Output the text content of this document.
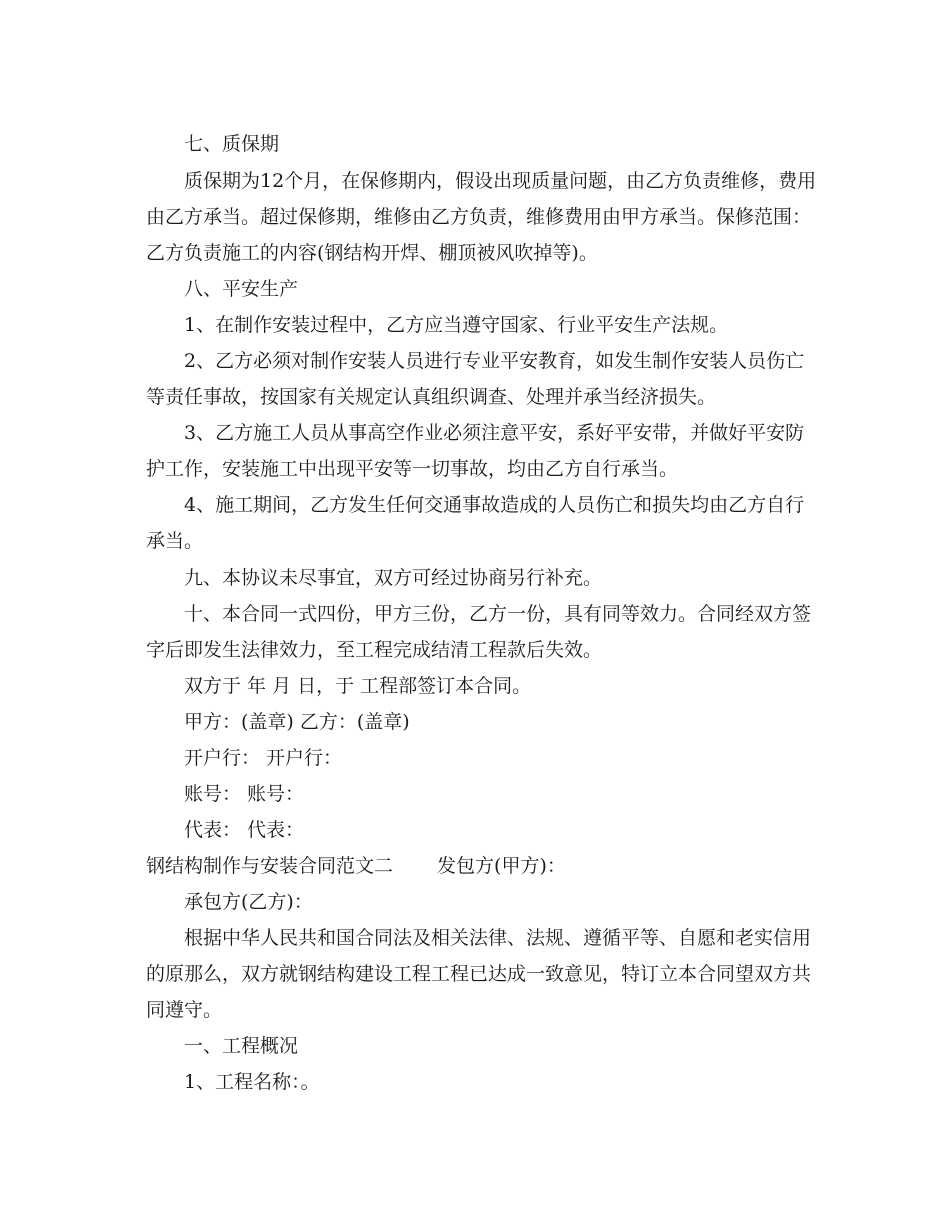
七、质保期
质保期为12个月，在保修期内，假设出现质量问题，由乙方负责维修，费用
由乙方承当。超过保修期，维修由乙方负责，维修费用由甲方承当。保修范围：
乙方负责施工的内容(钢结构开焊、棚顶被风吹掉等)。
八、平安生产
1、在制作安装过程中，乙方应当遵守国家、行业平安生产法规。
2、乙方必须对制作安装人员进行专业平安教育，如发生制作安装人员伤亡
等责任事故，按国家有关规定认真组织调查、处理并承当经济损失。
3、乙方施工人员从事高空作业必须注意平安，系好平安带，并做好平安防
护工作，安装施工中出现平安等一切事故，均由乙方自行承当。
4、施工期间，乙方发生任何交通事故造成的人员伤亡和损失均由乙方自行
承当。
九、本协议未尽事宜，双方可经过协商另行补充。
十、本合同一式四份，甲方三份，乙方一份，具有同等效力。合同经双方签
字后即发生法律效力，至工程完成结清工程款后失效。
双方于 年 月 日，于 工程部签订本合同。
甲方：(盖章) 乙方：(盖章)
开户行： 开户行：
账号： 账号：
代表： 代表：
钢结构制作与安装合同范文二　　 发包方(甲方)：
承包方(乙方)：
根据中华人民共和国合同法及相关法律、法规、遵循平等、自愿和老实信用
的原那么，双方就钢结构建设工程工程已达成一致意见，特订立本合同望双方共
同遵守。
一、工程概况
1、工程名称：。
